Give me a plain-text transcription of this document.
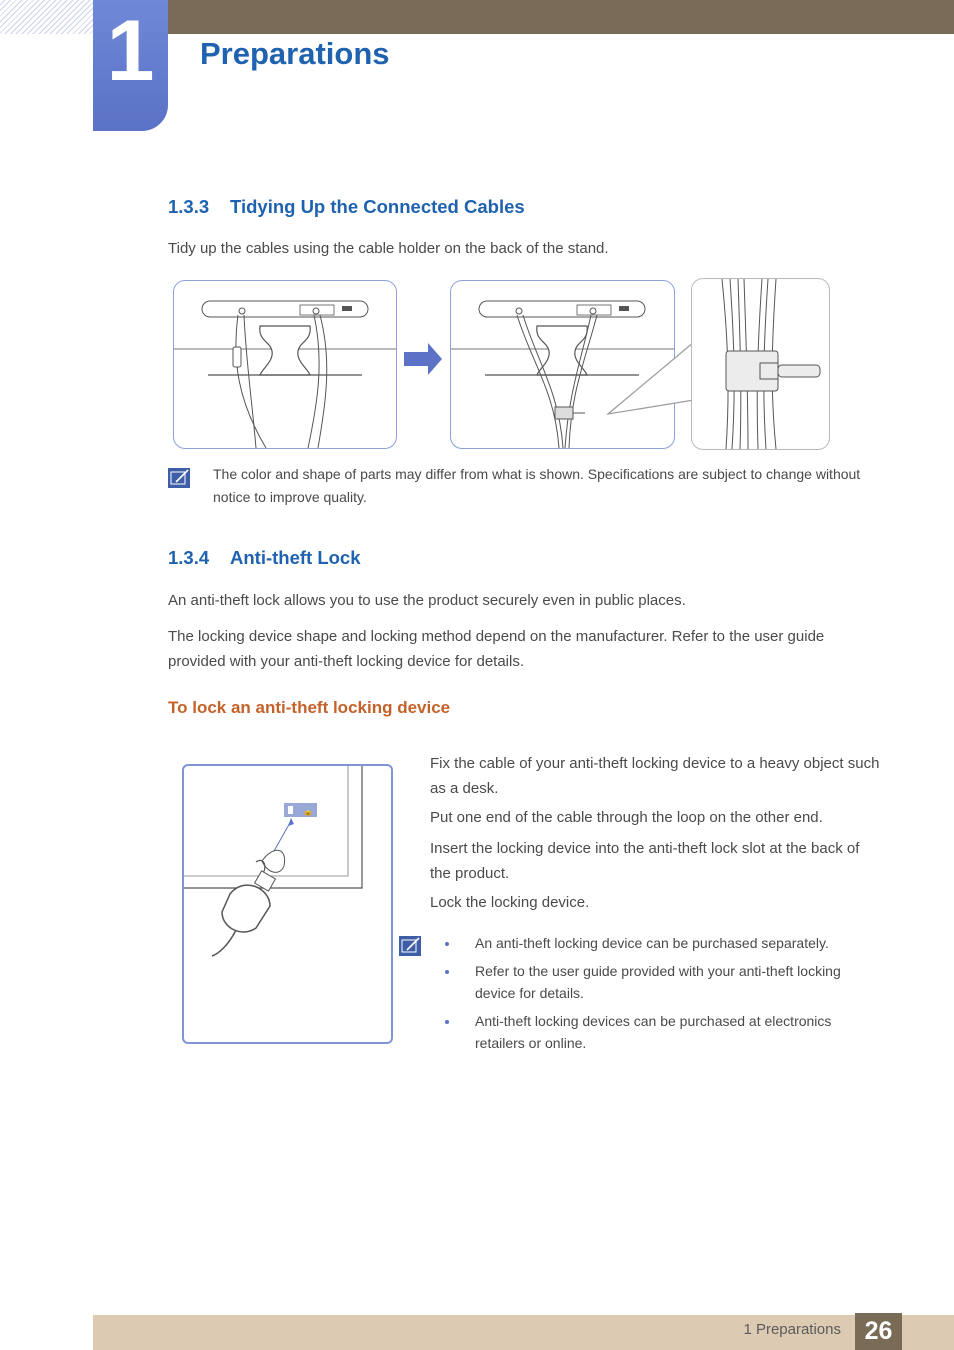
1	Preparations
1.3.3 Tidying Up the Connected Cables
Tidy up the cables using the cable holder on the back of the stand.
The color and shape of parts may differ from what is shown. Specifications are subject to change without notice to improve quality.
1.3.4 Anti-theft Lock
An anti-theft lock allows you to use the product securely even in public places.
The locking device shape and locking method depend on the manufacturer. Refer to the user guide provided with your anti-theft locking device for details.
To lock an anti-theft locking device
🔒
Fix the cable of your anti-theft locking device to a heavy object such as a desk.
Put one end of the cable through the loop on the other end.
Insert the locking device into the anti-theft lock slot at the back of the product.
Lock the locking device.
An anti-theft locking device can be purchased separately.
Refer to the user guide provided with your anti-theft locking device for details.
Anti-theft locking devices can be purchased at electronics retailers or online.
1 Preparations 26
